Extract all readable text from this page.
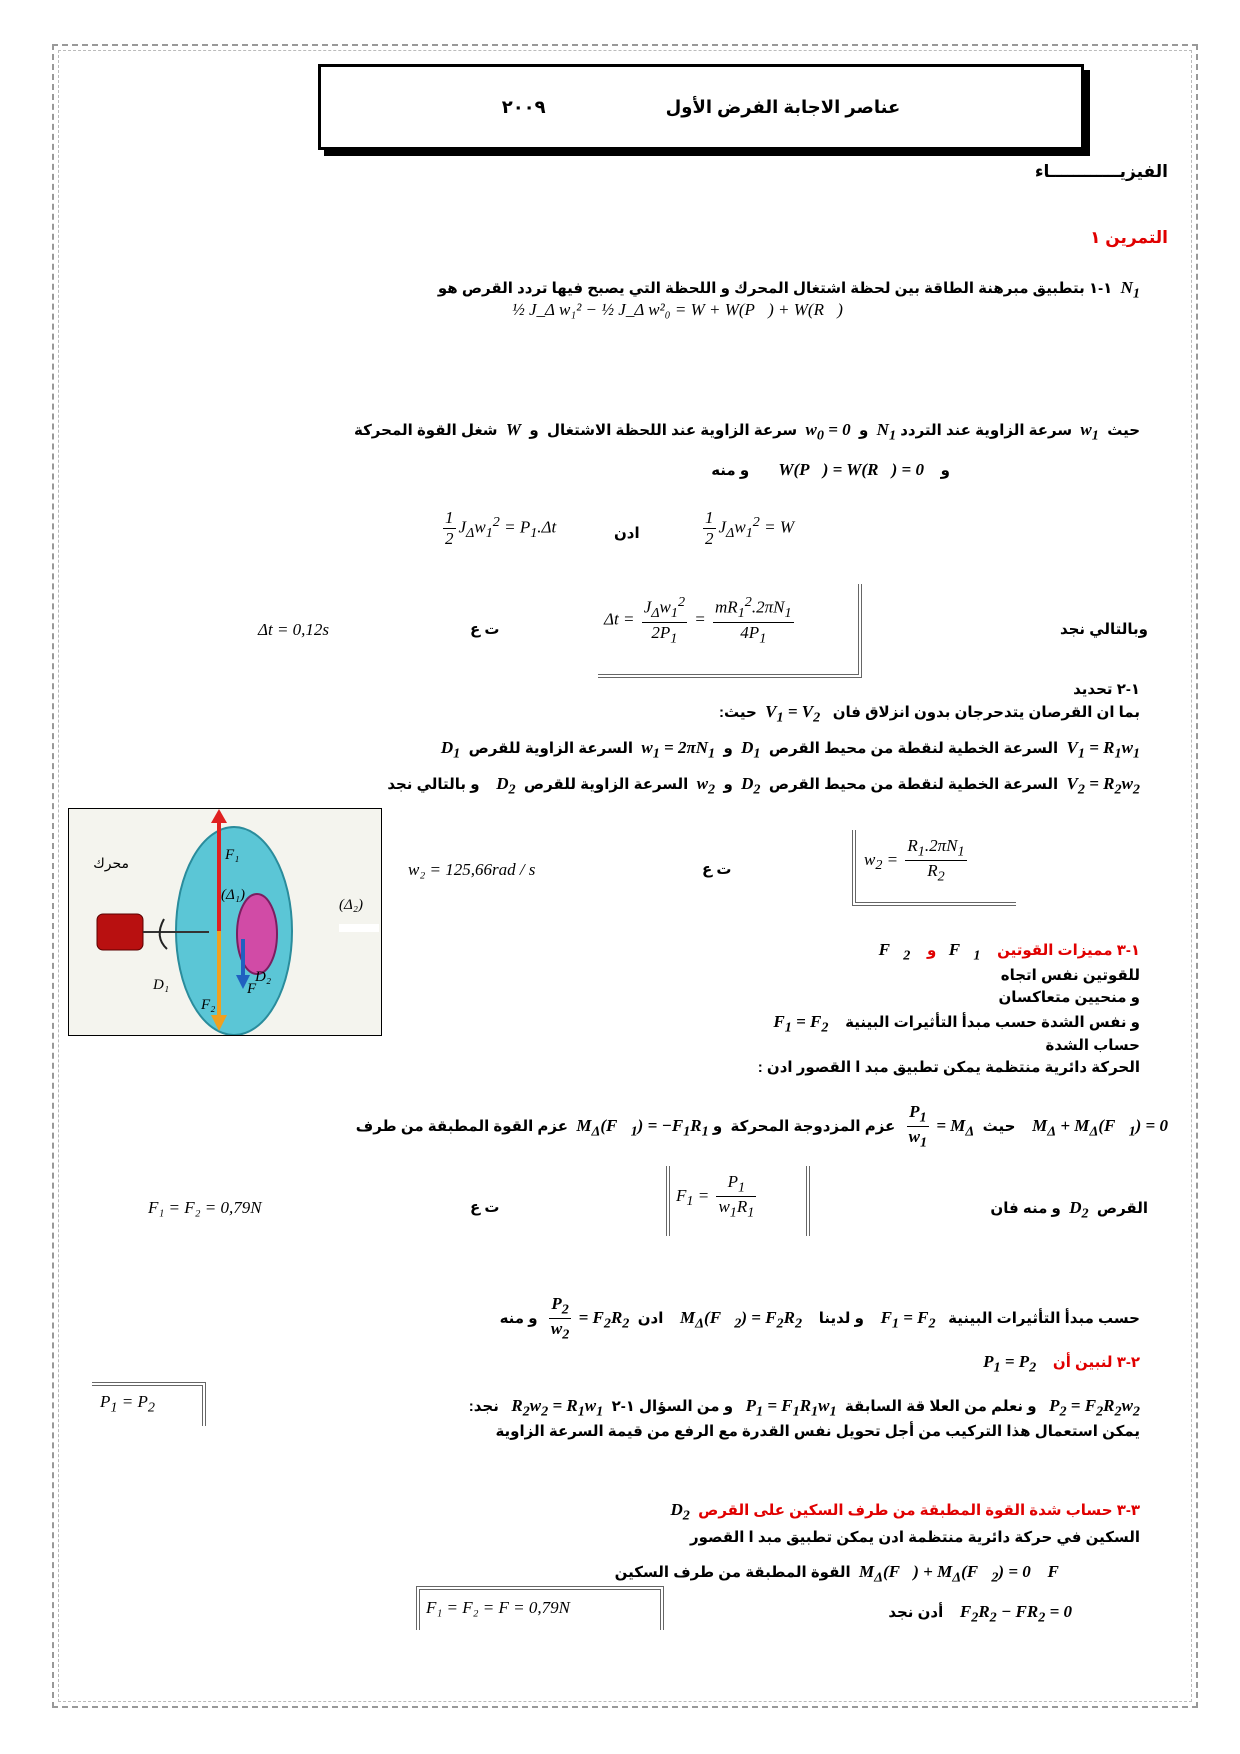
عناصر الاجابة الفرض الأول
٢٠٠٩
الفيزيــــــــــــاء
التمرين ١
$N_1$  ١-١ بتطبيق مبرهنة الطاقة بين لحظة اشتغال المحرك و اللحظة التي يصبح فيها تردد القرص هو
½ J_Δ w₁² − ½ J_Δ w²₀ = W + W(P⃗) + W(R⃗)
حيث  $w_1$  سرعة الزاوية عند التردد $N_1$  و  $w_0 = 0$  سرعة الزاوية عند اللحظة الاشتغال  و  W  شغل القوة المحركة
و    W(P⃗) = W(R⃗) = 0       و منه
$\frac{1}{2} J_\Delta w_1^2 = P_1.\Delta t$	ادن	$\frac{1}{2} J_\Delta w_1^2 = W$
وبالتالي نجد
$\Delta t = \frac{J_\Delta w_1^2}{2P_1} = \frac{mR_1^2.2\pi N_1}{4P_1}$
ت ع
Δt = 0,12s
١-٢ تحديد
بما ان القرصان يتدحرجان بدون انزلاق فان   $V_1 = V_2$  حيث:
$V_1 = R_1w_1$  السرعة الخطية لنقطة من محيط القرص  $D_1$  و  $w_1 = 2\pi N_1$  السرعة الزاوية للقرص  $D_1$
$V_2 = R_2w_2$  السرعة الخطية لنقطة من محيط القرص  $D_2$  و  $w_2$  السرعة الزاوية للقرص  $D_2$    و بالتالي نجد
محرك
(Δ₁)
(Δ₂)
D₁	D₂
F₁
F₂
F
w₂ = 125,66rad / s	ت ع
$w_2 = \frac{R_1.2\pi N_1}{R_2}$
١-٣ مميزات القوتين    $F⃗_1$   و    $F⃗_2$
للقوتين نفس اتجاه
و منحيين متعاكسان
و نفس الشدة حسب مبدأ التأثيرات البينية    $F_1 = F_2$
حساب الشدة
الحركة دائرية منتظمة يمكن تطبيق مبد ا القصور ادن :
$M_\Delta$ + $M_\Delta(F⃗_1) = 0$    حيث  $M_\Delta$ =
$\frac{P_1}{w_1}$
عزم المزدوجة المحركة  و $M_\Delta(F⃗_1) = -F_1R_1$  عزم القوة المطبقة من طرف
القرص  $D_2$  و منه فان
$F_1 = \frac{P_1}{w_1R_1}$
ت ع
F₁ = F₂ = 0,79N
حسب مبدأ التأثيرات البينية   $F_1 = F_2$    و لدينا    $M_\Delta(F⃗_2) = F_2R_2$    ادن  $F_2R_2$ =
$\frac{P_2}{w_2}$
و منه
٢-٣ لنبين أن    $P_1 = P_2$
$P_2 = F_2R_2w_2$   و نعلم من العلا قة السابقة  $P_1 = F_1R_1w_1$   و من السؤال ١-٢  $R_2w_2 = R_1w_1$   نجد:
$P_1 = P_2$
يمكن استعمال هذا التركيب من أجل تحويل نفس القدرة مع الرفع من قيمة السرعة الزاوية
٣-٣ حساب شدة القوة المطبقة من طرف السكين على القرص  $D_2$
السكين في حركة دائرية منتظمة ادن يمكن تطبيق مبد ا القصور
$M_\Delta(F⃗)$ + $M_\Delta(F⃗_2) = 0$ F⃗  القوة المطبقة من طرف السكين
$F_2R_2 - FR_2 = 0$    أدن نجد
F₁ = F₂ = F = 0,79N
